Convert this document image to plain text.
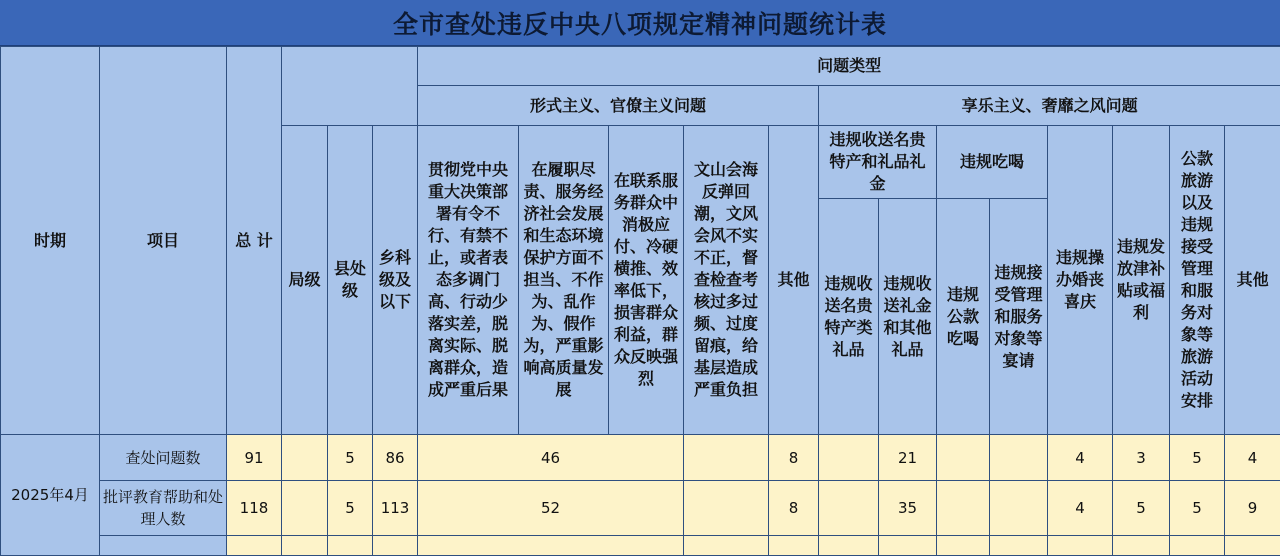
全市查处违反中央八项规定精神问题统计表
时期	项目	总 计				问题类型												
						形式主义、官僚主义问题					享乐主义、奢靡之风问题							

			局级	县处级	乡科级及以下	贯彻党中央重大决策部署有令不行、有禁不止，或者表态多调门高、行动少落实差，脱离实际、脱离群众，造成严重后果	在履职尽责、服务经济社会发展和生态环境保护方面不担当、不作为、乱作为、假作为，严重影响高质量发展	在联系服务群众中消极应付、冷硬横推、效率低下，损害群众利益，群众反映强烈	文山会海反弹回潮，文风会风不实不正，督查检查考核过多过频、过度留痕，给基层造成严重负担	其他	违规收送名贵特产和礼品礼金		违规吃喝		违规操办婚丧喜庆	违规发放津补贴或福利	公款旅游以及违规接受管理和服务对象等旅游活动安排	其他

											违规收送名贵特产类礼品	违规收送礼金和其他礼品	违规公款吃喝	违规接受管理和服务对象等宴请				

2025年4月	查处问题数	91		5	86	46				8		21			4	3	5	4
	批评教育帮助和处理人数	118		5	113	52				8		35			4	5	5	9
